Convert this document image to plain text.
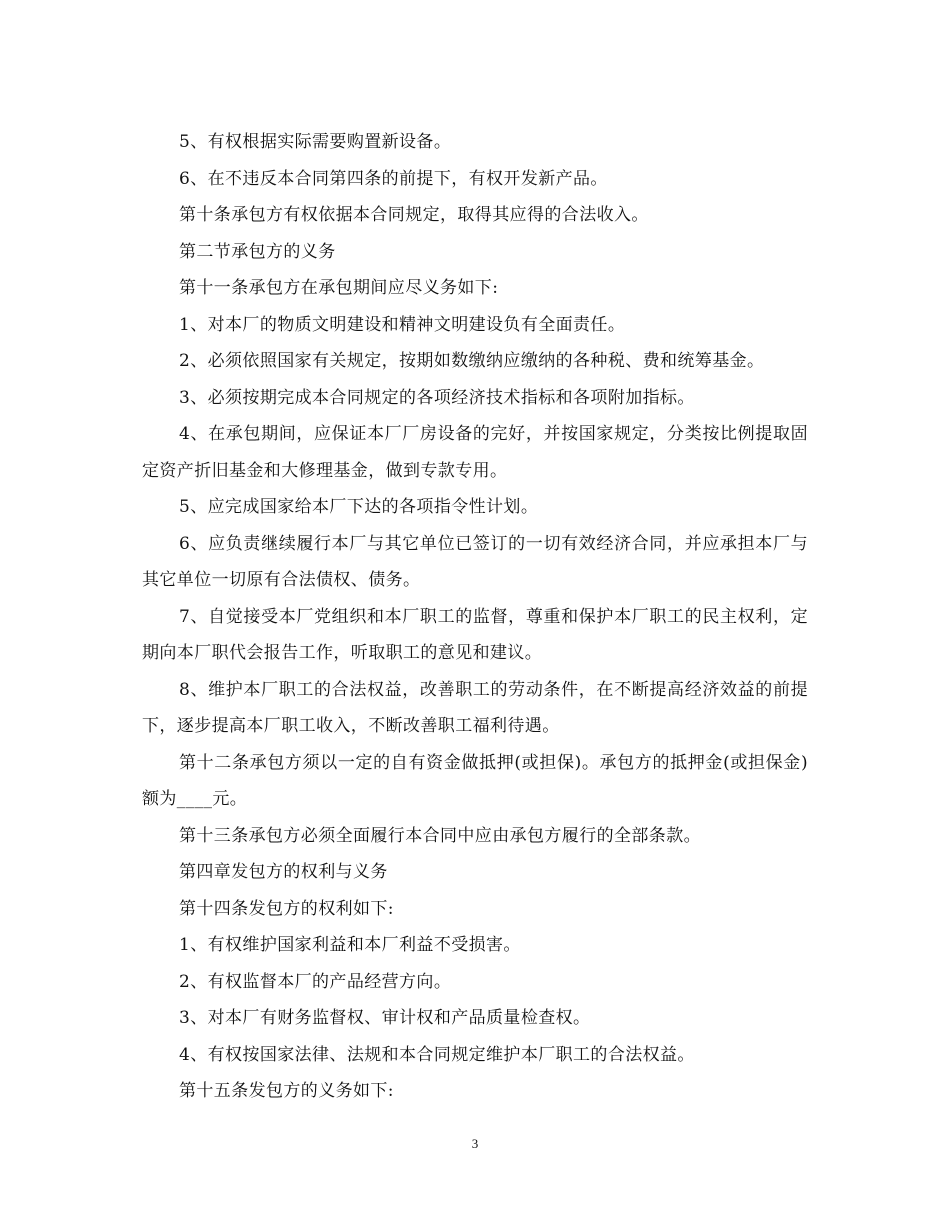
5、有权根据实际需要购置新设备。

6、在不违反本合同第四条的前提下，有权开发新产品。

第十条承包方有权依据本合同规定，取得其应得的合法收入。

第二节承包方的义务

第十一条承包方在承包期间应尽义务如下:

1、对本厂的物质文明建设和精神文明建设负有全面责任。

2、必须依照国家有关规定，按期如数缴纳应缴纳的各种税、费和统筹基金。

3、必须按期完成本合同规定的各项经济技术指标和各项附加指标。

4、在承包期间，应保证本厂厂房设备的完好，并按国家规定，分类按比例提取固定资产折旧基金和大修理基金，做到专款专用。

5、应完成国家给本厂下达的各项指令性计划。

6、应负责继续履行本厂与其它单位已签订的一切有效经济合同，并应承担本厂与其它单位一切原有合法债权、债务。

7、自觉接受本厂党组织和本厂职工的监督，尊重和保护本厂职工的民主权利，定期向本厂职代会报告工作，听取职工的意见和建议。

8、维护本厂职工的合法权益，改善职工的劳动条件，在不断提高经济效益的前提下，逐步提高本厂职工收入，不断改善职工福利待遇。

第十二条承包方须以一定的自有资金做抵押(或担保)。承包方的抵押金(或担保金)额为____元。

第十三条承包方必须全面履行本合同中应由承包方履行的全部条款。

第四章发包方的权利与义务

第十四条发包方的权利如下:

1、有权维护国家利益和本厂利益不受损害。

2、有权监督本厂的产品经营方向。

3、对本厂有财务监督权、审计权和产品质量检查权。

4、有权按国家法律、法规和本合同规定维护本厂职工的合法权益。

第十五条发包方的义务如下:

3
